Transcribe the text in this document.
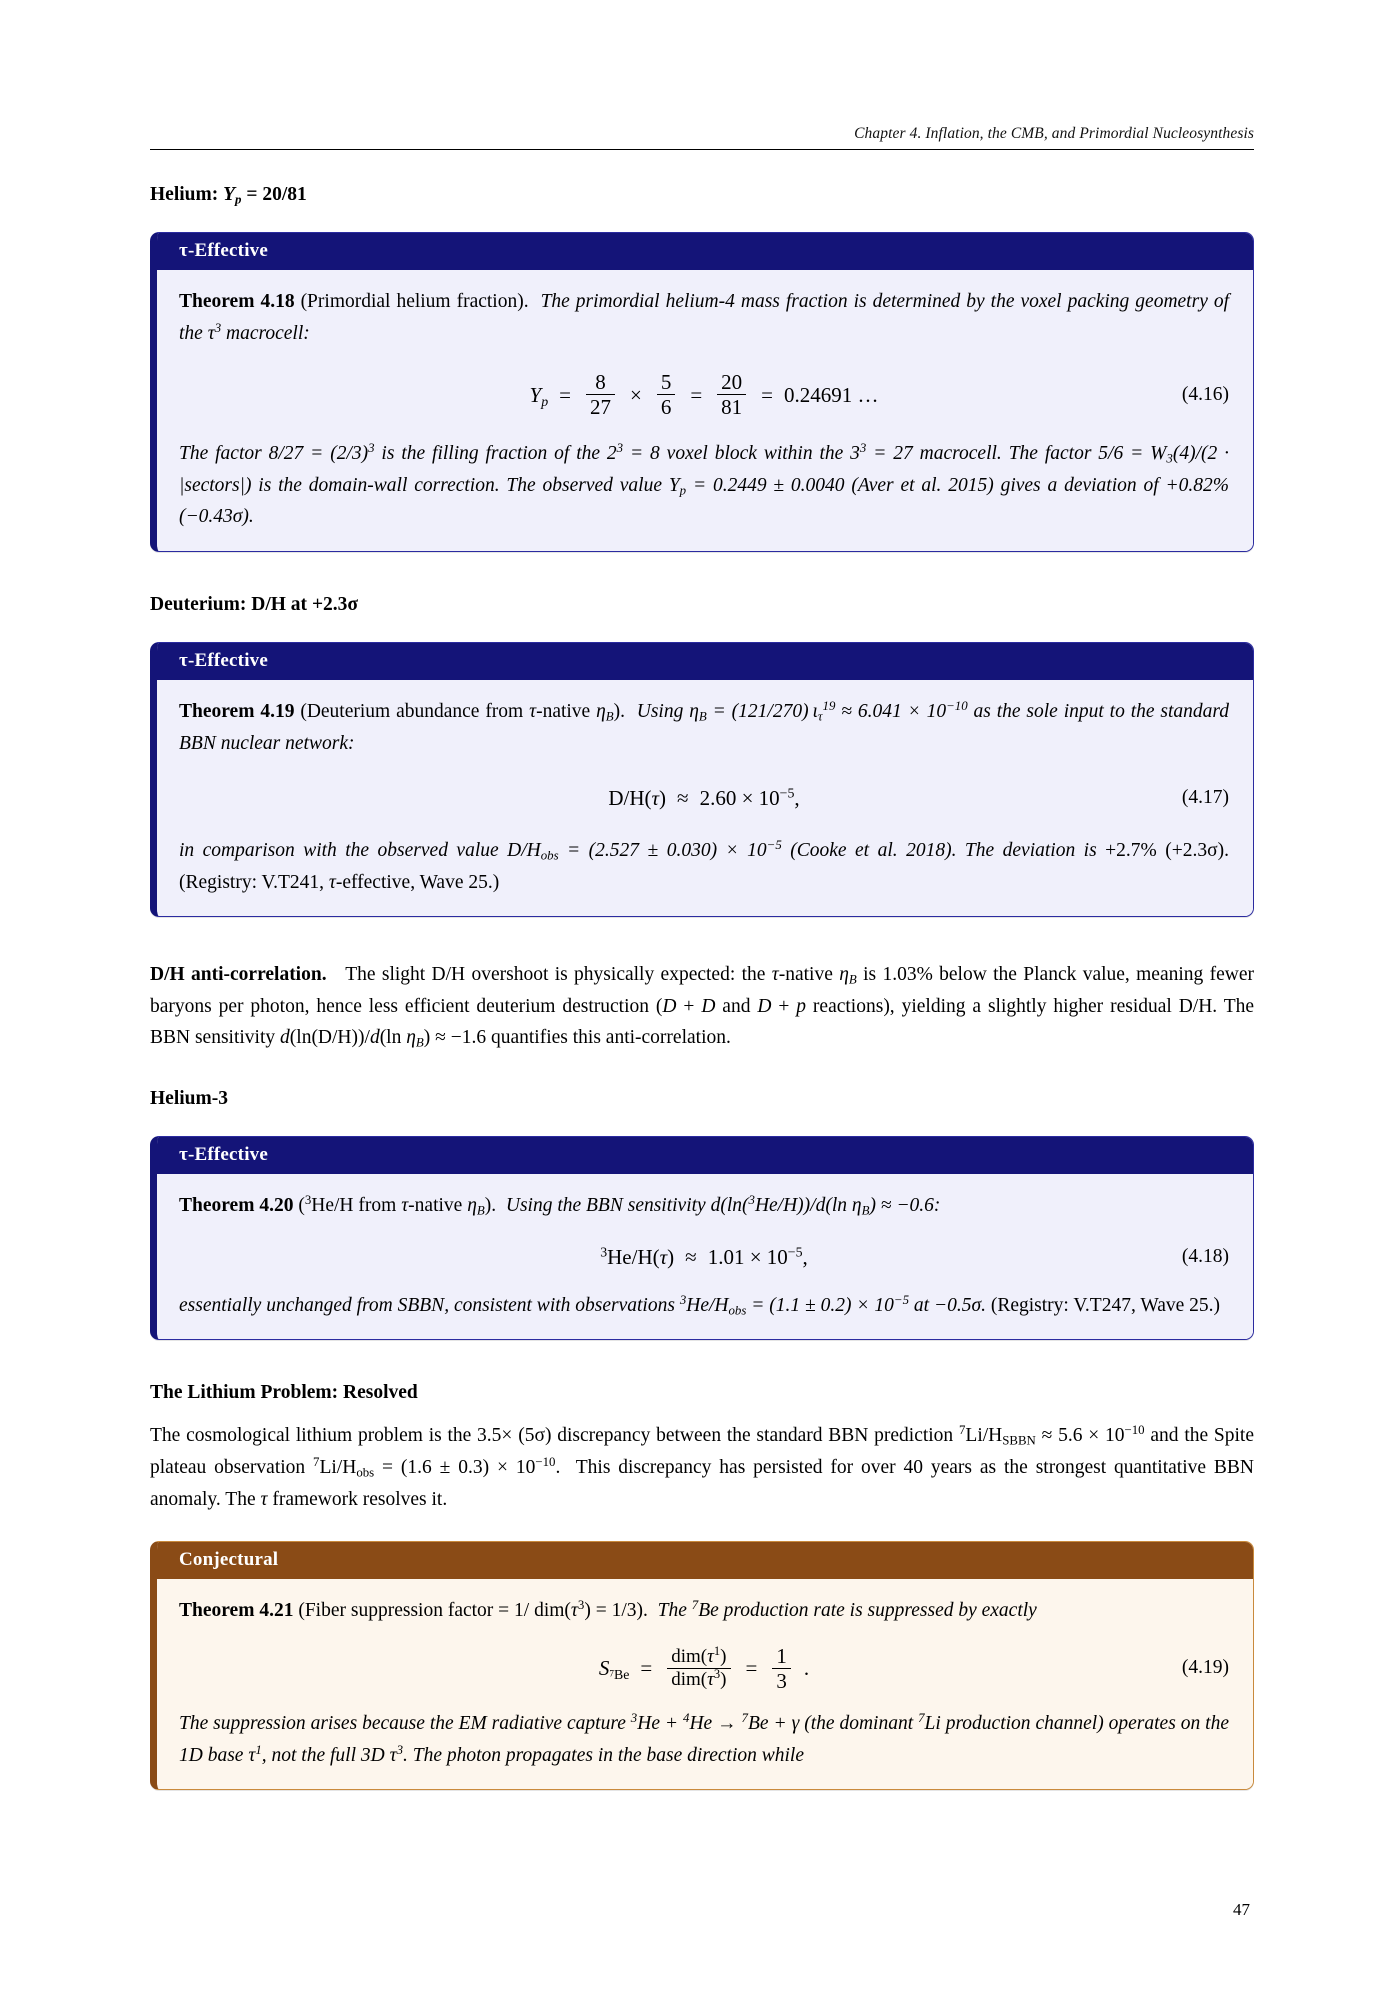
Chapter 4. Inflation, the CMB, and Primordial Nucleosynthesis
Helium: $Y_p = 20/81$
τ-Effective
Theorem 4.18 (Primordial helium fraction). The primordial helium-4 mass fraction is determined by the voxel packing geometry of the $\tau^3$ macrocell:
$Y_p = \frac{8}{27} \times \frac{5}{6} = \frac{20}{81} = 0.24691$ …	(4.16)
The factor $8/27 = (2/3)^3$ is the filling fraction of the $2^3 = 8$ voxel block within the $3^3 = 27$ macrocell. The factor $5/6 = W_3(4)/(2$ · |sectors|) is the domain-wall correction. The observed value $Y_p = 0.2449 \pm 0.0040$ (Aver et al. 2015) gives a deviation of +0.82% (−0.43σ).
Deuterium: D/H at +2.3σ
τ-Effective
Theorem 4.19 (Deuterium abundance from τ-native $\eta_B$). Using $\eta_B = (121/270) \iota_\tau^{19} \approx 6.041 \times 10^{-10}$ as the sole input to the standard BBN nuclear network:
$D/H(\tau) \approx 2.60 \times 10^{-5}$,	(4.17)
in comparison with the observed value $D/H_{obs} = (2.527 \pm 0.030) \times 10^{-5}$ (Cooke et al. 2018). The deviation is +2.7% (+2.3σ). (Registry: V.T241, τ-effective, Wave 25.)
D/H anti-correlation.   The slight D/H overshoot is physically expected: the τ-native $\eta_B$ is 1.03% below the Planck value, meaning fewer baryons per photon, hence less efficient deuterium destruction (D + D and D + p reactions), yielding a slightly higher residual D/H. The BBN sensitivity d(ln(D/H))/d(ln $\eta_B) \approx -1.6$ quantifies this anti-correlation.
Helium-3
τ-Effective
Theorem 4.20 ($^3$He/H from τ-native $\eta_B$). Using the BBN sensitivity d(ln($^3$He/H))/d(ln $\eta_B) \approx -0.6$:
$^3He/H(\tau) \approx 1.01 \times 10^{-5}$,	(4.18)
essentially unchanged from SBBN, consistent with observations $^3He/H_{obs} = (1.1 \pm 0.2) \times 10^{-5}$ at −0.5σ. (Registry: V.T247, Wave 25.)
The Lithium Problem: Resolved
The cosmological lithium problem is the 3.5× (5σ) discrepancy between the standard BBN prediction $^7Li/H_{SBBN} \approx 5.6 \times 10^{-10}$ and the Spite plateau observation $^7Li/H_{obs} = (1.6 \pm 0.3) \times 10^{-10}$.  This discrepancy has persisted for over 40 years as the strongest quantitative BBN anomaly. The τ framework resolves it.
Conjectural
Theorem 4.21 (Fiber suppression factor = 1/ $dim(\tau^3) = 1/3$). The $^7$Be production rate is suppressed by exactly
$S_{7Be} = \frac{dim(\tau^1)}{dim(\tau^3)} = \frac{1}{3}$ .	(4.19)
The suppression arises because the EM radiative capture $^3$He + $^4$He → $^7$Be + γ (the dominant $^7$Li production channel) operates on the 1D base $\tau^1$, not the full 3D $\tau^3$. The photon propagates in the base direction while
47
